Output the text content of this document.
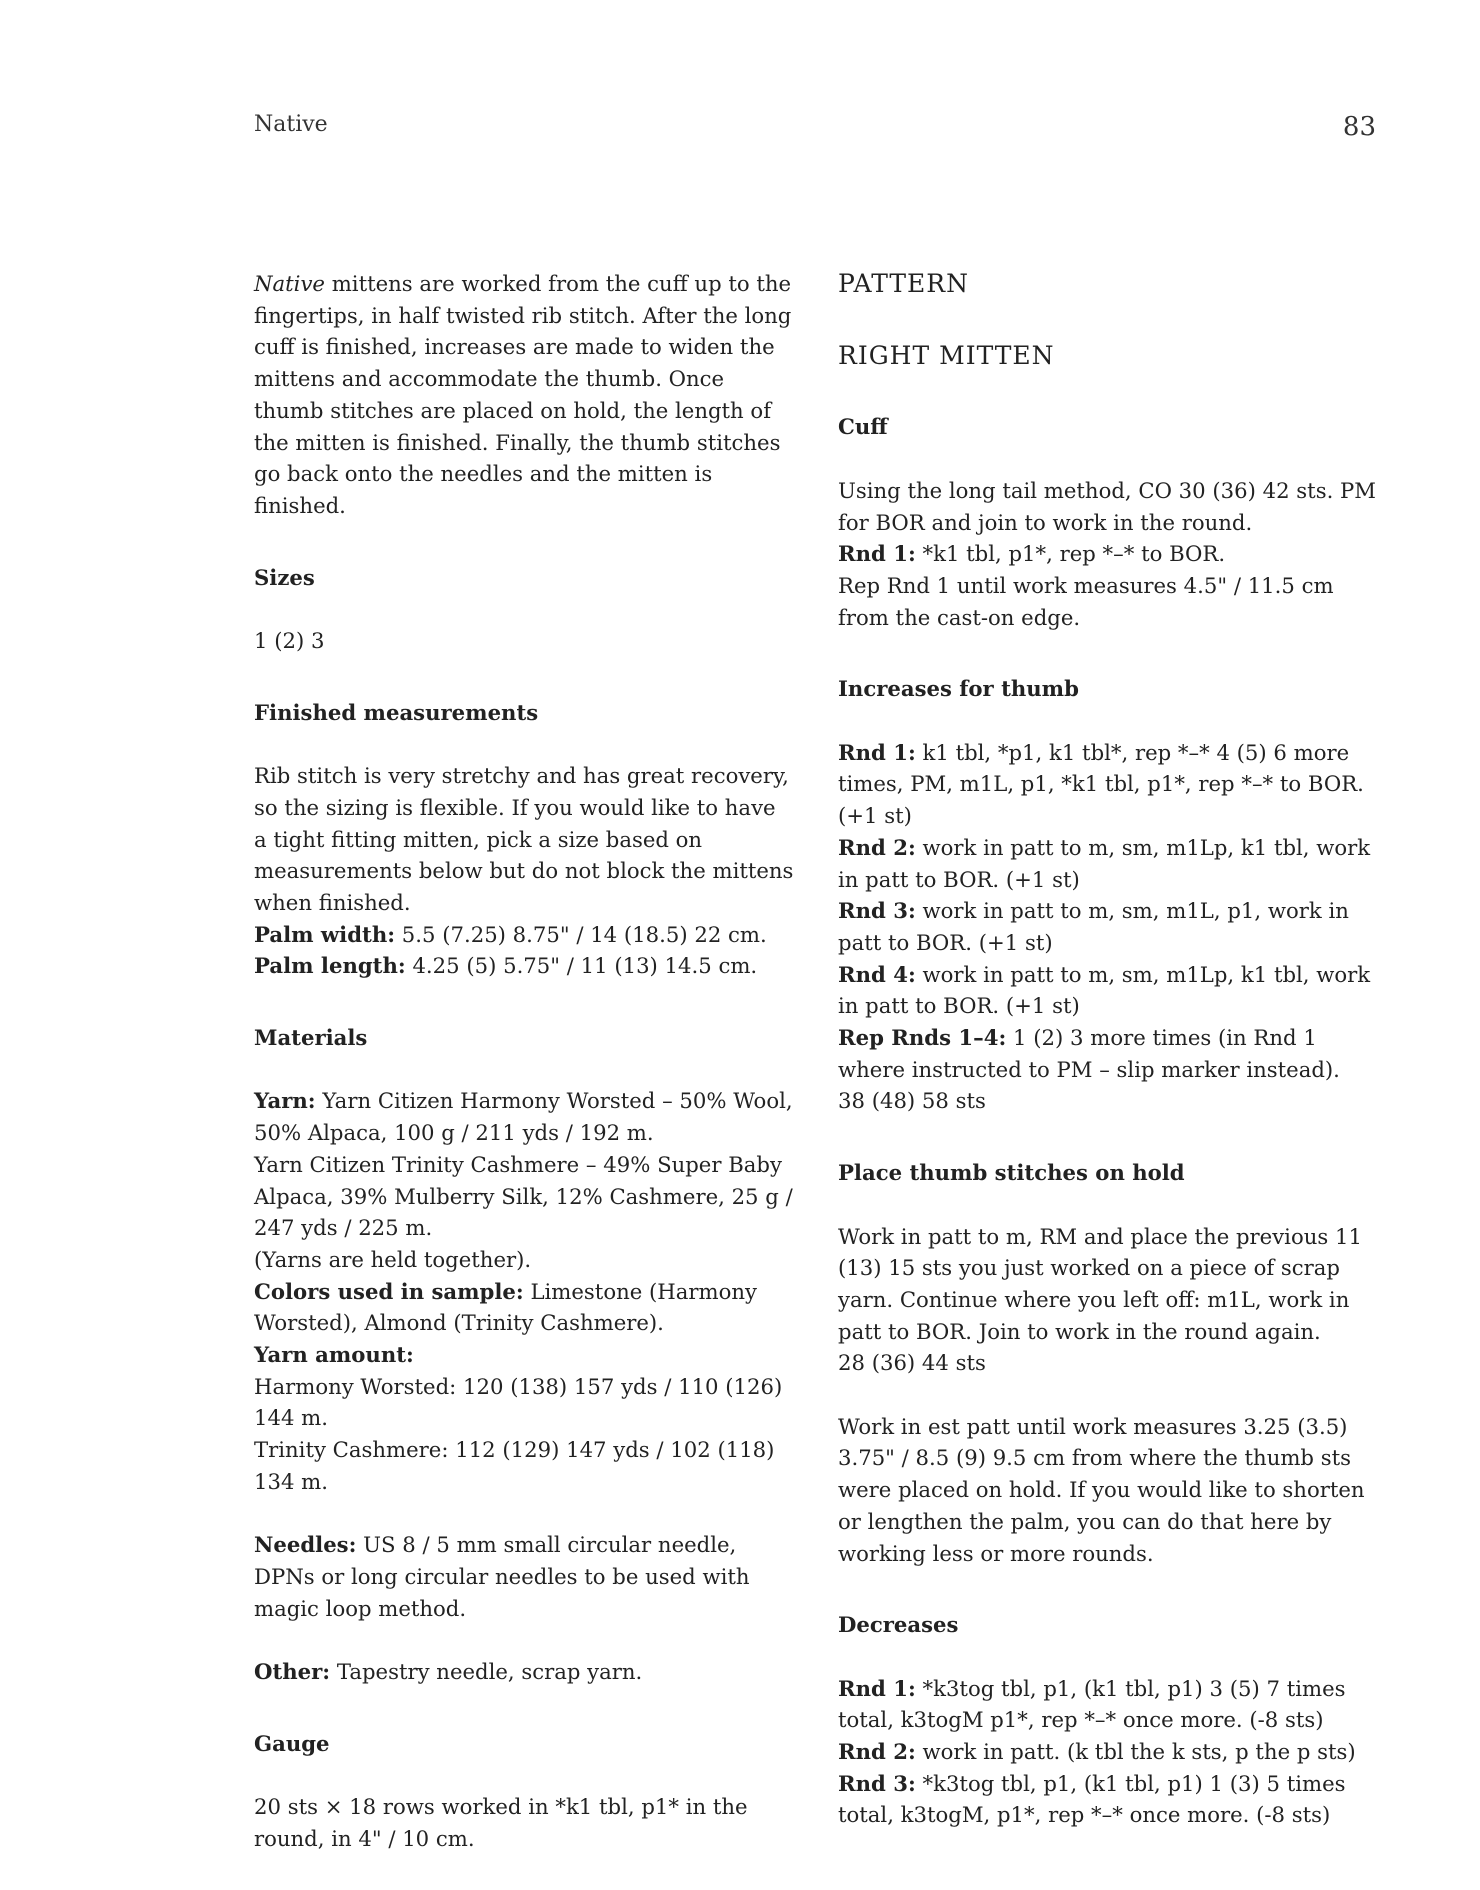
Native	83

Native mittens are worked from the cuff up to the fingertips, in half twisted rib stitch. After the long cuff is finished, increases are made to widen the mittens and accommodate the thumb. Once thumb stitches are placed on hold, the length of the mitten is finished. Finally, the thumb stitches go back onto the needles and the mitten is finished.

Sizes

1 (2) 3

Finished measurements

Rib stitch is very stretchy and has great recovery, so the sizing is flexible. If you would like to have a tight fitting mitten, pick a size based on measurements below but do not block the mittens when finished.

Palm width: 5.5 (7.25) 8.75" / 14 (18.5) 22 cm.

Palm length: 4.25 (5) 5.75" / 11 (13) 14.5 cm.

Materials

Yarn: Yarn Citizen Harmony Worsted – 50% Wool, 50% Alpaca, 100 g / 211 yds / 192 m.

Yarn Citizen Trinity Cashmere – 49% Super Baby Alpaca, 39% Mulberry Silk, 12% Cashmere, 25 g / 247 yds / 225 m.

(Yarns are held together).

Colors used in sample: Limestone (Harmony Worsted), Almond (Trinity Cashmere).

Yarn amount:

Harmony Worsted: 120 (138) 157 yds / 110 (126) 144 m.

Trinity Cashmere: 112 (129) 147 yds / 102 (118) 134 m.

Needles: US 8 / 5 mm small circular needle, DPNs or long circular needles to be used with magic loop method.

Other: Tapestry needle, scrap yarn.

Gauge

20 sts × 18 rows worked in *k1 tbl, p1* in the round, in 4" / 10 cm.

PATTERN

RIGHT MITTEN

Cuff

Using the long tail method, CO 30 (36) 42 sts. PM for BOR and join to work in the round.

Rnd 1: *k1 tbl, p1*, rep *–* to BOR.

Rep Rnd 1 until work measures 4.5" / 11.5 cm from the cast-on edge.

Increases for thumb

Rnd 1: k1 tbl, *p1, k1 tbl*, rep *–* 4 (5) 6 more times, PM, m1L, p1, *k1 tbl, p1*, rep *–* to BOR. (+1 st)

Rnd 2: work in patt to m, sm, m1Lp, k1 tbl, work in patt to BOR. (+1 st)

Rnd 3: work in patt to m, sm, m1L, p1, work in patt to BOR. (+1 st)

Rnd 4: work in patt to m, sm, m1Lp, k1 tbl, work in patt to BOR. (+1 st)

Rep Rnds 1–4: 1 (2) 3 more times (in Rnd 1 where instructed to PM – slip marker instead).

38 (48) 58 sts

Place thumb stitches on hold

Work in patt to m, RM and place the previous 11 (13) 15 sts you just worked on a piece of scrap yarn. Continue where you left off: m1L, work in patt to BOR. Join to work in the round again.

28 (36) 44 sts

Work in est patt until work measures 3.25 (3.5) 3.75" / 8.5 (9) 9.5 cm from where the thumb sts were placed on hold. If you would like to shorten or lengthen the palm, you can do that here by working less or more rounds.

Decreases

Rnd 1: *k3tog tbl, p1, (k1 tbl, p1) 3 (5) 7 times total, k3togM p1*, rep *–* once more. (-8 sts)

Rnd 2: work in patt. (k tbl the k sts, p the p sts)

Rnd 3: *k3tog tbl, p1, (k1 tbl, p1) 1 (3) 5 times total, k3togM, p1*, rep *–* once more. (-8 sts)
